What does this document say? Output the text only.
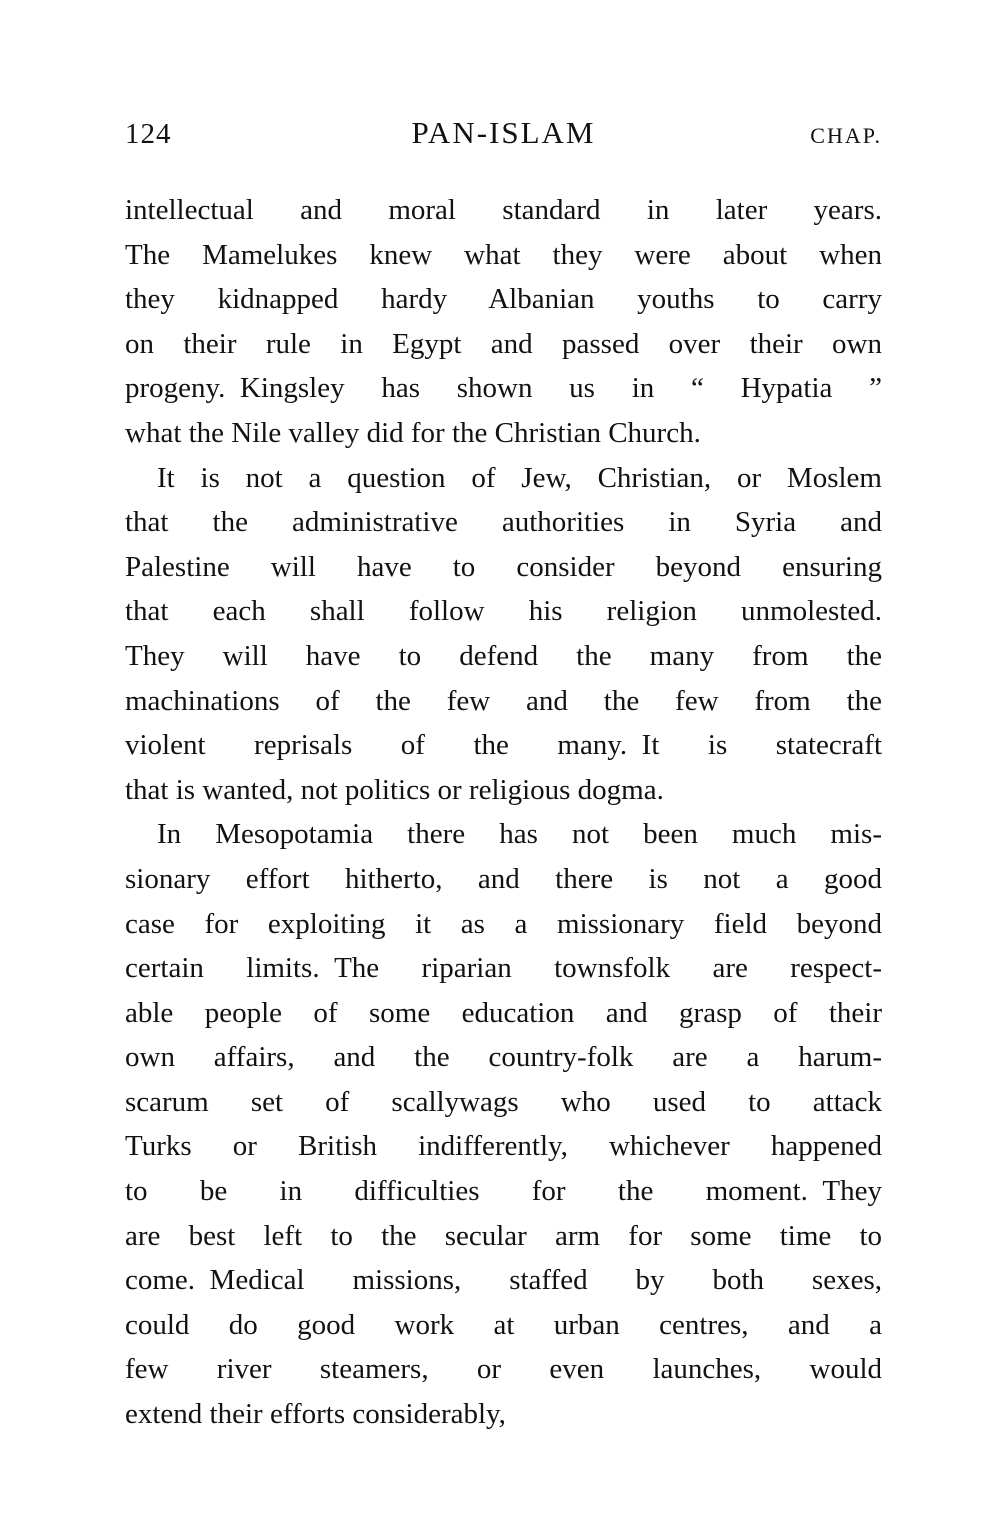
124	PAN-ISLAM	CHAP.
intellectual and moral standard in later years.
The Mamelukes knew what they were about when
they kidnapped hardy Albanian youths to carry
on their rule in Egypt and passed over their own
progeny. Kingsley has shown us in “ Hypatia ”
what the Nile valley did for the Christian Church.
It is not a question of Jew, Christian, or Moslem
that the administrative authorities in Syria and
Palestine will have to consider beyond ensuring
that each shall follow his religion unmolested.
They will have to defend the many from the
machinations of the few and the few from the
violent reprisals of the many. It is statecraft
that is wanted, not politics or religious dogma.
In Mesopotamia there has not been much mis-
sionary effort hitherto, and there is not a good
case for exploiting it as a missionary field beyond
certain limits. The riparian townsfolk are respect-
able people of some education and grasp of their
own affairs, and the country-folk are a harum-
scarum set of scallywags who used to attack
Turks or British indifferently, whichever happened
to be in difficulties for the moment. They
are best left to the secular arm for some time to
come. Medical missions, staffed by both sexes,
could do good work at urban centres, and a
few river steamers, or even launches, would
extend their efforts considerably,
